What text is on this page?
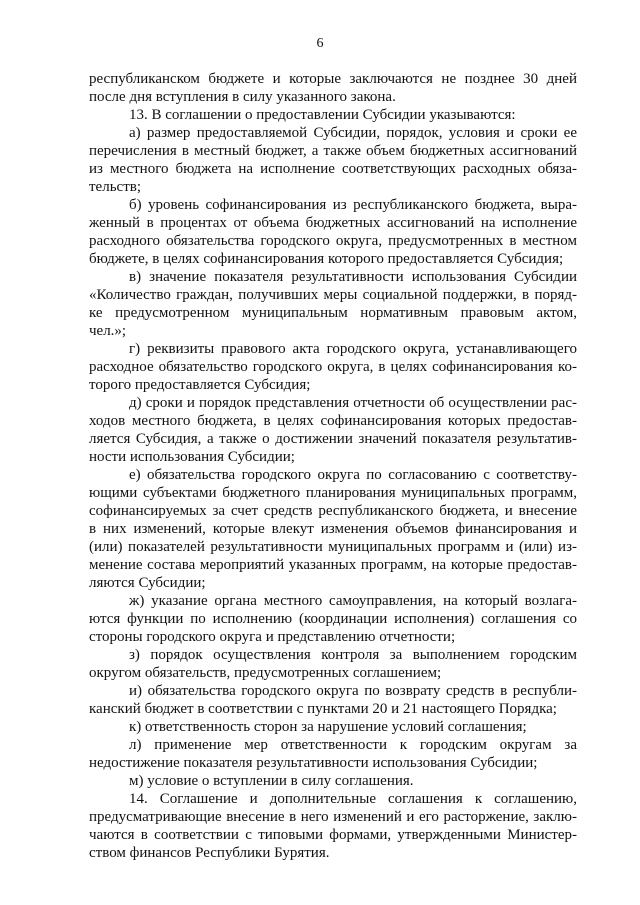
6
республиканском бюджете и которые заключаются не позднее 30 дней
после дня вступления в силу указанного закона.
13. В соглашении о предоставлении Субсидии указываются:
а) размер предоставляемой Субсидии, порядок, условия и сроки ее
перечисления в местный бюджет, а также объем бюджетных ассигнований
из местного бюджета на исполнение соответствующих расходных обяза-
тельств;
б) уровень софинансирования из республиканского бюджета, выра-
женный в процентах от объема бюджетных ассигнований на исполнение
расходного обязательства городского округа, предусмотренных в местном
бюджете, в целях софинансирования которого предоставляется Субсидия;
в) значение показателя результативности использования Субсидии
«Количество граждан, получивших меры социальной поддержки, в поряд-
ке предусмотренном муниципальным нормативным правовым актом,
чел.»;
г) реквизиты правового акта городского округа, устанавливающего
расходное обязательство городского округа, в целях софинансирования ко-
торого предоставляется Субсидия;
д) сроки и порядок представления отчетности об осуществлении рас-
ходов местного бюджета, в целях софинансирования которых предостав-
ляется Субсидия, а также о достижении значений показателя результатив-
ности использования Субсидии;
е) обязательства городского округа по согласованию с соответству-
ющими субъектами бюджетного планирования муниципальных программ,
софинансируемых за счет средств республиканского бюджета, и внесение
в них изменений, которые влекут изменения объемов финансирования и
(или) показателей результативности муниципальных программ и (или) из-
менение состава мероприятий указанных программ, на которые предостав-
ляются Субсидии;
ж) указание органа местного самоуправления, на который возлага-
ются функции по исполнению (координации исполнения) соглашения со
стороны городского округа и представлению отчетности;
з) порядок осуществления контроля за выполнением городским
округом обязательств, предусмотренных соглашением;
и) обязательства городского округа по возврату средств в республи-
канский бюджет в соответствии с пунктами 20 и 21 настоящего Порядка;
к) ответственность сторон за нарушение условий соглашения;
л) применение мер ответственности к городским округам за
недостижение показателя результативности использования Субсидии;
м) условие о вступлении в силу соглашения.
14. Соглашение и дополнительные соглашения к соглашению,
предусматривающие внесение в него изменений и его расторжение, заклю-
чаются в соответствии с типовыми формами, утвержденными Министер-
ством финансов Республики Бурятия.
